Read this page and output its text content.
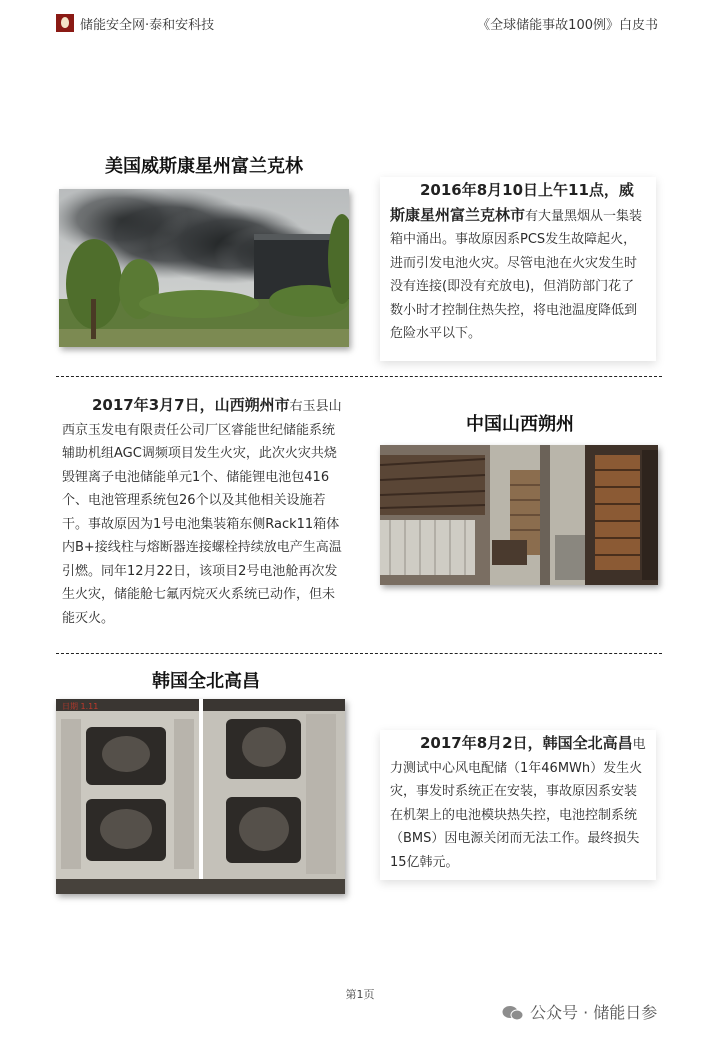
储能安全网·泰和安科技	《全球储能事故100例》白皮书
美国威斯康星州富兰克林
2016年8月10日上午11点，威斯康星州富兰克林市有大量黑烟从一集装箱中涌出。事故原因系PCS发生故障起火，进而引发电池火灾。尽管电池在火灾发生时没有连接(即没有充放电)，但消防部门花了数小时才控制住热失控，将电池温度降低到危险水平以下。
2017年3月7日，山西朔州市右玉县山西京玉发电有限责任公司厂区睿能世纪储能系统辅助机组AGC调频项目发生火灾，此次火灾共烧毁锂离子电池储能单元1个、储能锂电池包416个、电池管理系统包26个以及其他相关设施若干。事故原因为1号电池集装箱东侧Rack11箱体内B+接线柱与熔断器连接螺栓持续放电产生高温引燃。同年12月22日，该项目2号电池舱再次发生火灾，储能舱七氟丙烷灭火系统已动作，但未能灭火。
中国山西朔州
韩国全北高昌
日期 1.11
2017年8月2日，韩国全北高昌电力测试中心风电配储（1年46MWh）发生火灾，事发时系统正在安装，事故原因系安装在机架上的电池模块热失控，电池控制系统（BMS）因电源关闭而无法工作。最终损失15亿韩元。
第1页
公众号 · 储能日参
